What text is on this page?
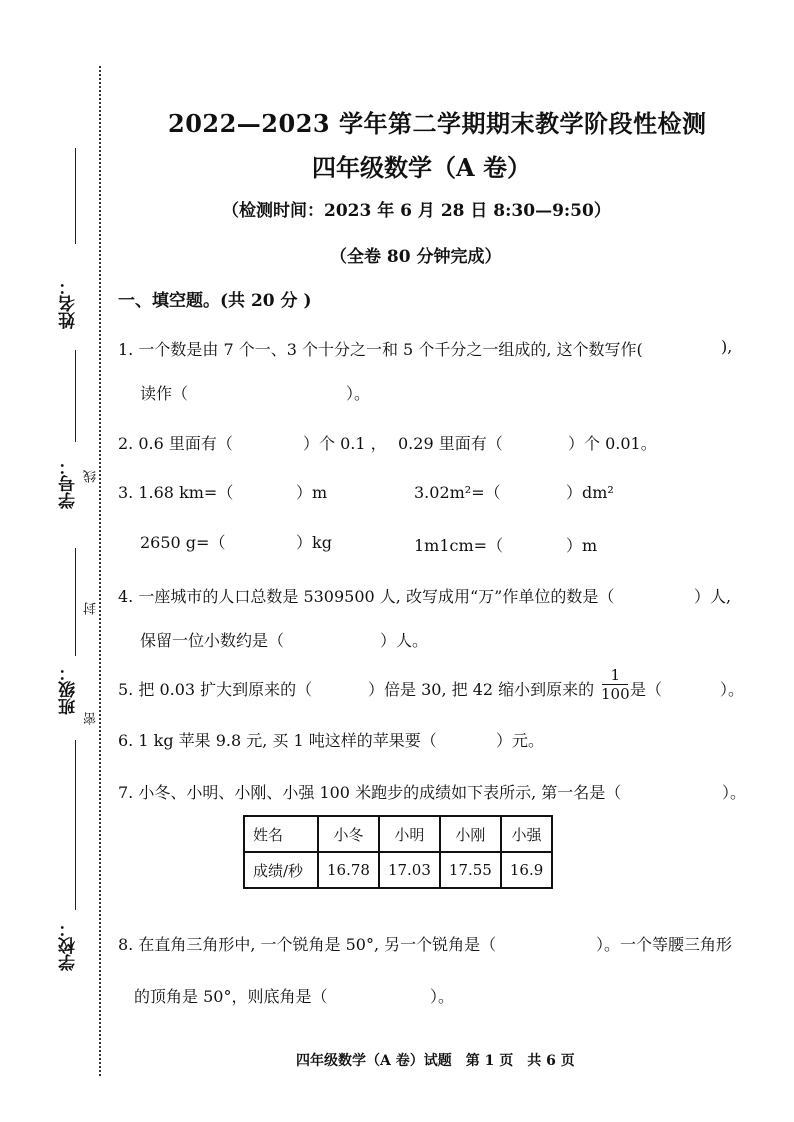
姓名：
学号： 线
封
班级：
密
学校：
2022—2023 学年第二学期期末教学阶段性检测
四年级数学（A 卷）
（检测时间：2023 年 6 月 28 日 8:30—9:50）
（全卷 80 分钟完成）
一、填空题。(共 20 分 )
1. 一个数是由 7 个一、3 个十分之一和 5 个千分之一组成的, 这个数写作(	),
读作（	）。
2. 0.6 里面有（	）个 0.1 ， 0.29 里面有（	）个 0.01。
3. 1.68 km=（	）m	3.02m²=（	）dm²
2650 g=（	）kg	1m1cm=（	）m
4. 一座城市的人口总数是 5309500 人, 改写成用“万”作单位的数是（	）人,
保留一位小数约是（	）人。
5. 把 0.03 扩大到原来的（	）倍是 30, 把 42 缩小到原来的
1
100 是（	）。
6. 1 kg 苹果 9.8 元, 买 1 吨这样的苹果要（	）元。
7. 小冬、小明、小刚、小强 100 米跑步的成绩如下表所示, 第一名是（	）。
姓名	小冬	小明	小刚	小强
成绩/秒	16.78	17.03	17.55	16.9
8. 在直角三角形中, 一个锐角是 50°, 另一个锐角是（	）。一个等腰三角形
的顶角是 50°，则底角是（	）。
四年级数学（A 卷）试题　第 1 页　共 6 页
